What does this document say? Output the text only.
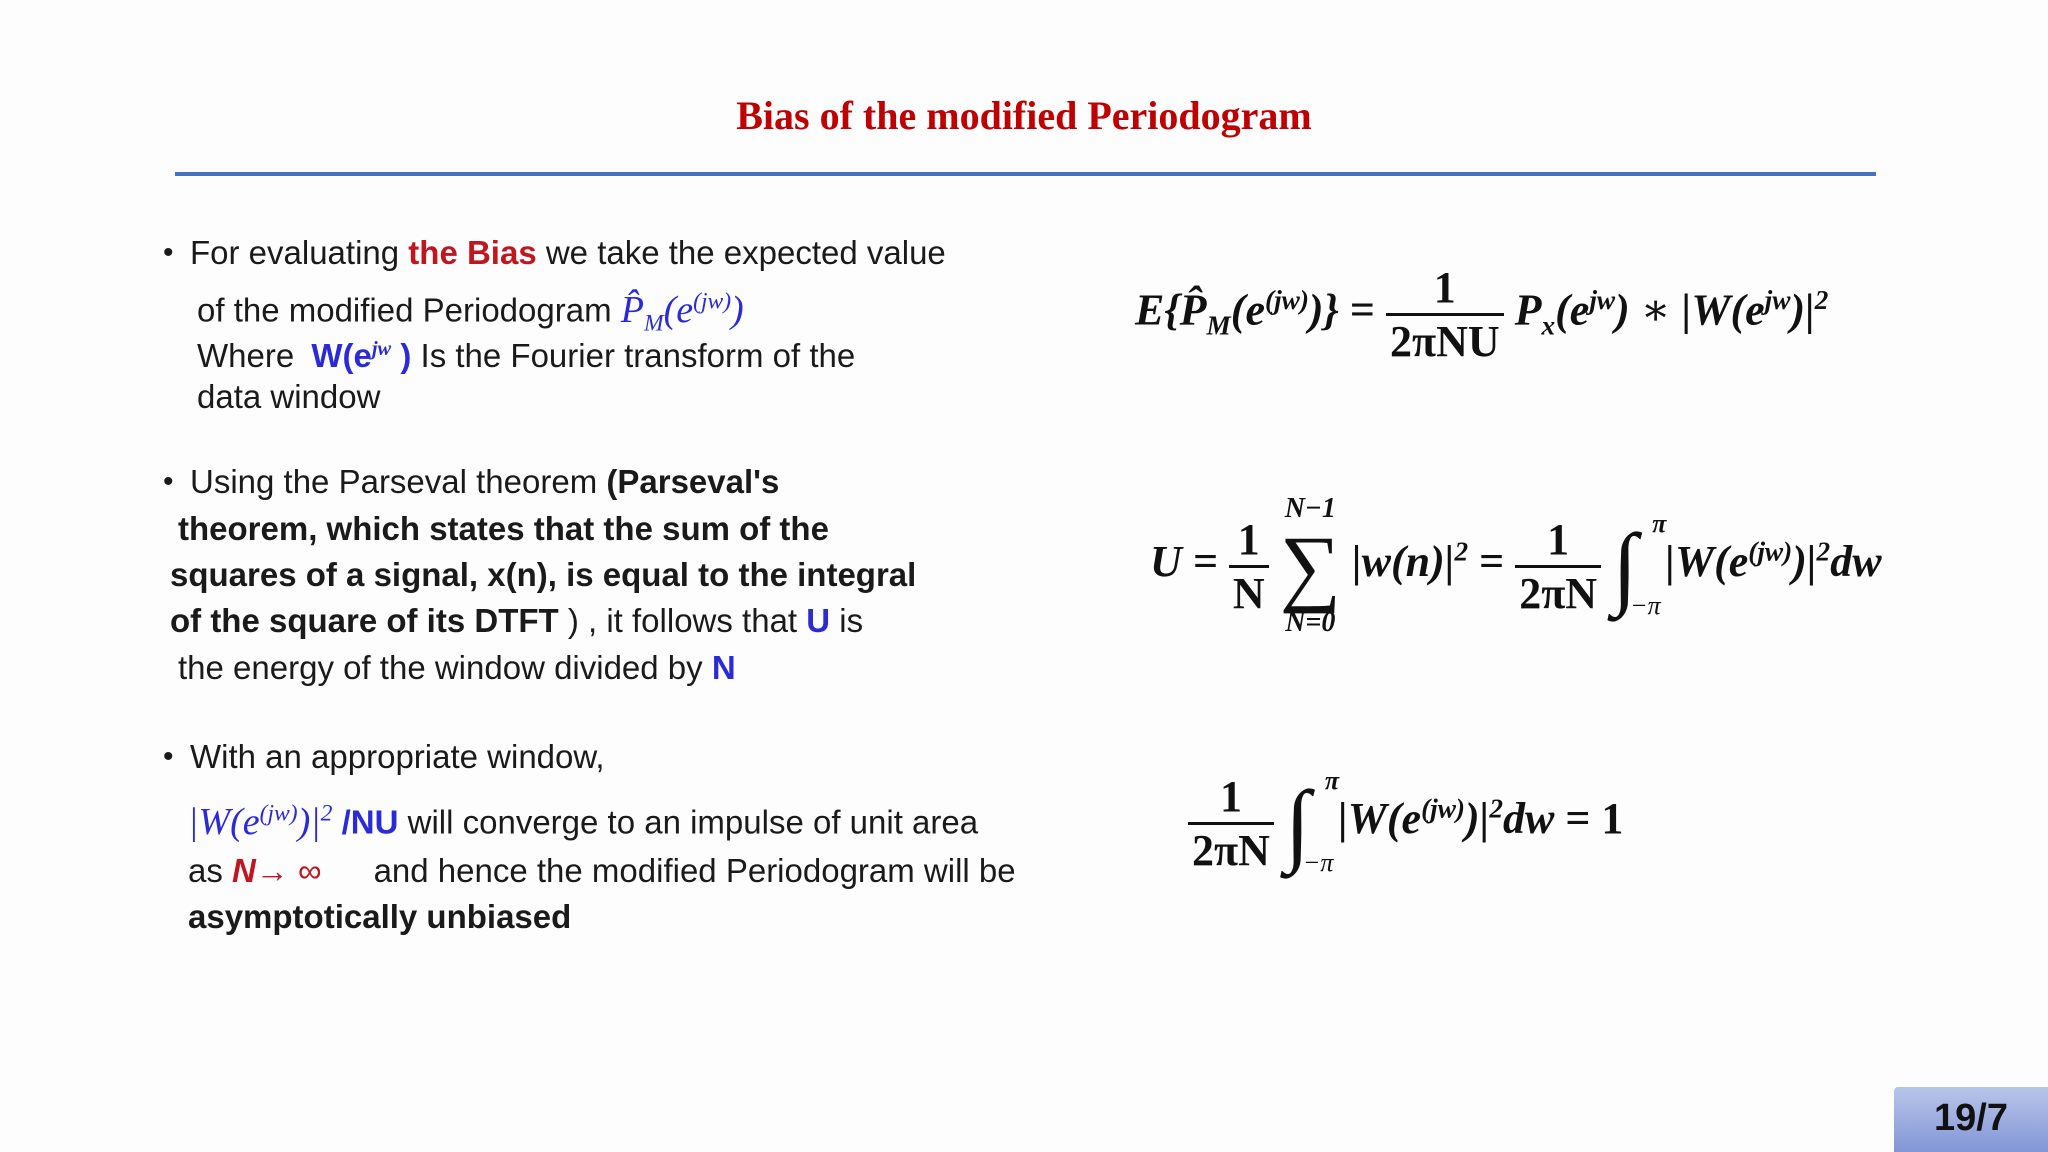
Bias of the modified Periodogram
• For evaluating the Bias we take the expected value
of the modified Periodogram $P̂_M(e^{(jw)})$
Where $W(e^{jw}$ ) Is the Fourier transform of the
data window
• Using the Parseval theorem (Parseval's
theorem, which states that the sum of the
squares of a signal, x(n), is equal to the integral
of the square of its DTFT ) , it follows that U is
the energy of the window divided by N
• With an appropriate window,
$|W(e^{(jw)})|^2$ /NU will converge to an impulse of unit area
as N→ ∞ and hence the modified Periodogram will be
asymptotically unbiased
$E\{P̂_M(e^{(jw)})\} = \frac{1}{\text{2πNU}} P_x(e^{jw})$ ∗ $|W(e^{jw})|^2$
$U = \frac{1}{N}$

N−1
∑
N=0
$|w(n)|^2 = \frac{1}{2\pi N}$ ∫ π
−π
$|W(e^{(jw)})|^2dw$
$\frac{1}{2\pi N}$ ∫ π
−π
$|W(e^{(jw)})|^2dw = 1$
19/7
